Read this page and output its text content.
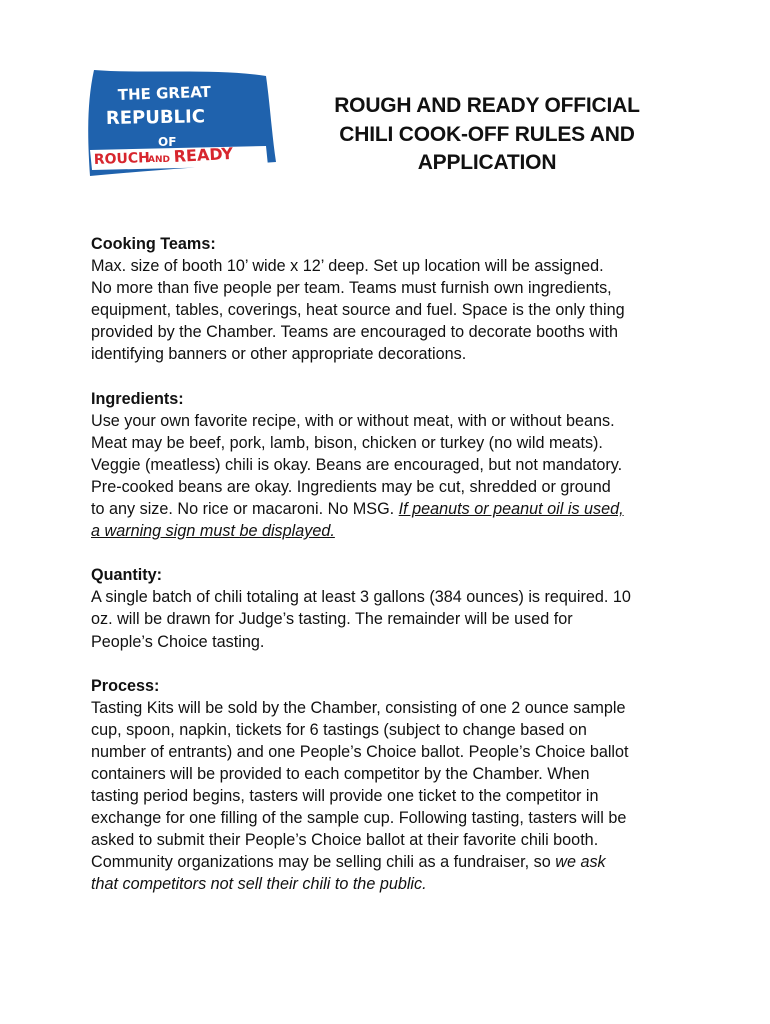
THE GREAT
REPUBLIC
OF
ROUCH
AND READY
ROUGH AND READY OFFICIAL
CHILI COOK-OFF RULES AND
APPLICATION
Cooking Teams:

Max. size of booth 10’ wide x 12’ deep. Set up location will be assigned.
No more than five people per team. Teams must furnish own ingredients,
equipment, tables, coverings, heat source and fuel. Space is the only thing
provided by the Chamber. Teams are encouraged to decorate booths with
identifying banners or other appropriate decorations.

Ingredients:

Use your own favorite recipe, with or without meat, with or without beans.
Meat may be beef, pork, lamb, bison, chicken or turkey (no wild meats).
Veggie (meatless) chili is okay. Beans are encouraged, but not mandatory.
Pre-cooked beans are okay. Ingredients may be cut, shredded or ground
to any size. No rice or macaroni. No MSG. If peanuts or peanut oil is used,
a warning sign must be displayed.

Quantity:

A single batch of chili totaling at least 3 gallons (384 ounces) is required. 10
oz. will be drawn for Judge’s tasting. The remainder will be used for
People’s Choice tasting.

Process:

Tasting Kits will be sold by the Chamber, consisting of one 2 ounce sample
cup, spoon, napkin, tickets for 6 tastings (subject to change based on
number of entrants) and one People’s Choice ballot. People’s Choice ballot
containers will be provided to each competitor by the Chamber. When
tasting period begins, tasters will provide one ticket to the competitor in
exchange for one filling of the sample cup. Following tasting, tasters will be
asked to submit their People’s Choice ballot at their favorite chili booth.
Community organizations may be selling chili as a fundraiser, so we ask
that competitors not sell their chili to the public.
